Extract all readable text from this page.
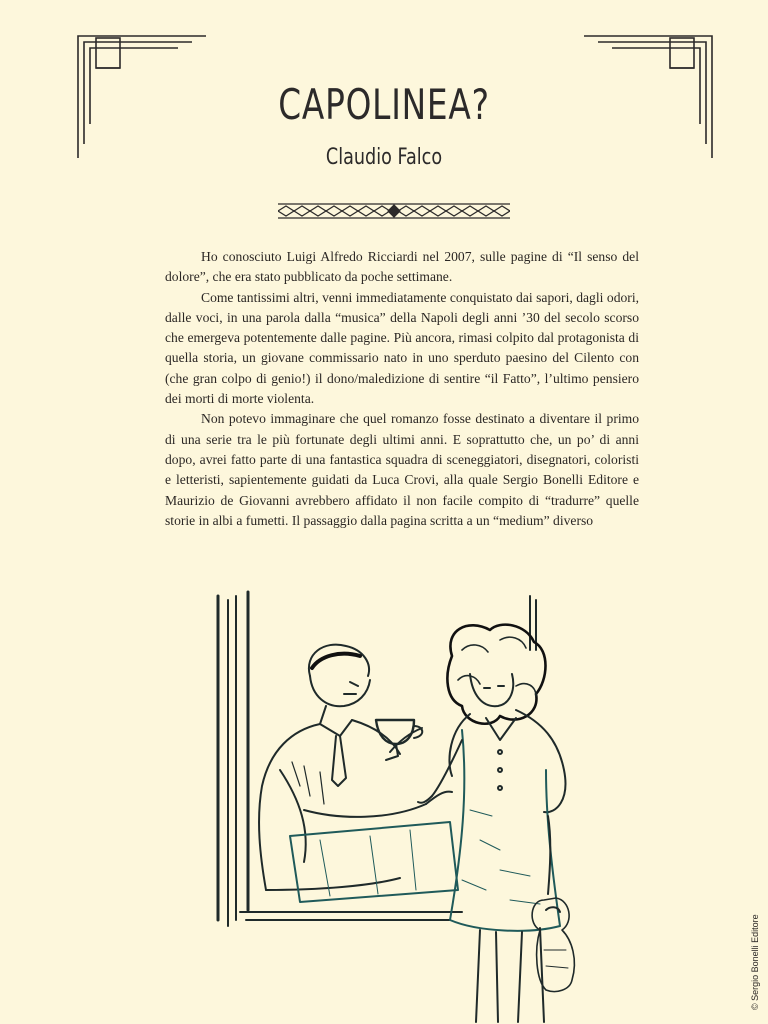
CAPOLINEA?
Claudio Falco

Ho conosciuto Luigi Alfredo Ricciardi nel 2007, sulle pagine di “Il senso del dolore”, che era stato pubblicato da poche settimane.

Come tantissimi altri, venni immediatamente conquistato dai sapori, dagli odori, dalle voci, in una parola dalla “musica” della Napoli degli anni ’30 del secolo scorso che emergeva potentemente dalle pagine. Più ancora, rimasi colpito dal protagonista di quella storia, un giovane commissario nato in uno sperduto paesino del Cilento con (che gran colpo di genio!) il dono/maledizione di sentire “il Fatto”, l’ultimo pensiero dei morti di morte violenta.

Non potevo immaginare che quel romanzo fosse destinato a diventare il primo di una serie tra le più fortunate degli ultimi anni. E soprattutto che, un po’ di anni dopo, avrei fatto parte di una fantastica squadra di sceneggiatori, disegnatori, coloristi e letteristi, sapientemente guidati da Luca Crovi, alla quale Sergio Bonelli Editore e Maurizio de Giovanni avrebbero affidato il non facile compito di “tradurre” quelle storie in albi a fumetti. Il passaggio dalla pagina scritta a un “medium” diverso

© Sergio Bonelli Editore
